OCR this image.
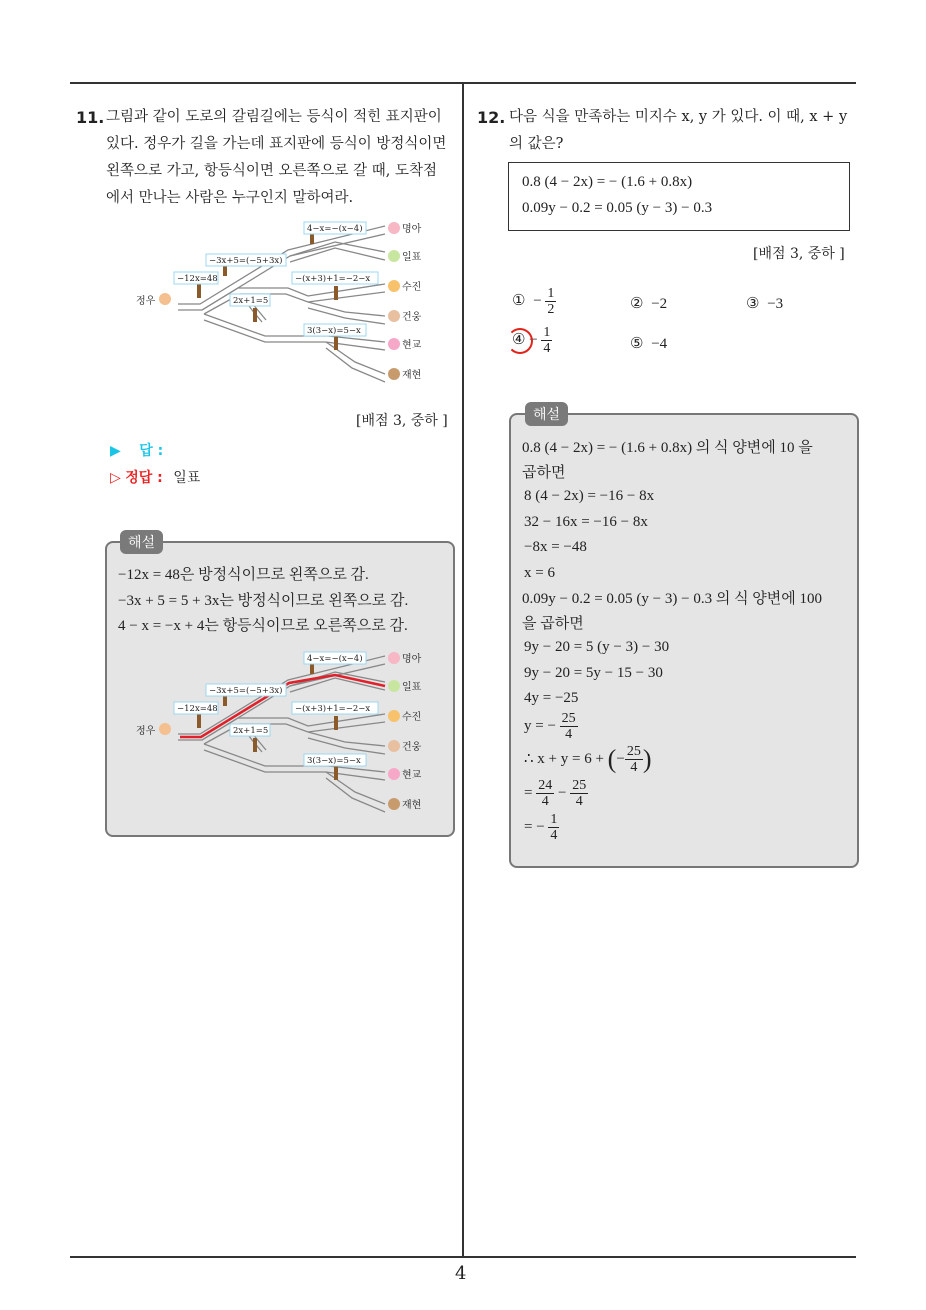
4
11. 그림과 같이 도로의 갈림길에는 등식이 적힌 표지판이
있다. 정우가 길을 가는데 표지판에 등식이 방정식이면
왼쪽으로 가고, 항등식이면 오른쪽으로 갈 때, 도착점
에서 만나는 사람은 누구인지 말하여라.
−12x=48
−3x+5=(−5+3x)
2x+1=5
4−x=−(x−4)
−(x+3)+1=−2−x
3(3−x)=5−x
정우
명아
일표
수진
건웅
현교
재현
[배점 3, 중하 ]
▶ 답 :
▷ 정답 : 일표
해설
−12x = 48은 방정식이므로 왼쪽으로 감.
−3x + 5 = 5 + 3x는 방정식이므로 왼쪽으로 감.
4 − x = −x + 4는 항등식이므로 오른쪽으로 감.
−12x=48
−3x+5=(−5+3x)
2x+1=5
4−x=−(x−4)
−(x+3)+1=−2−x
3(3−x)=5−x
정우
명아
일표
수진
건웅
현교
재현
12. 다음 식을 만족하는 미지수 x, y 가 있다. 이 때, x + y
의 값은?
0.8 (4 − 2x) = − (1.6 + 0.8x)
0.09y − 0.2 = 0.05 (y − 3) − 0.3
[배점 3, 중하 ]
① − $\frac{1}{2}$	② −2	③ −3
④ − $\frac{1}{4}$	⑤ −4
해설
0.8 (4 − 2x) = − (1.6 + 0.8x) 의 식 양변에 10 을
곱하면
8 (4 − 2x) = −16 − 8x
32 − 16x = −16 − 8x
−8x = −48
x = 6
0.09y − 0.2 = 0.05 (y − 3) − 0.3 의 식 양변에 100
을 곱하면
9y − 20 = 5 (y − 3) − 30
9y − 20 = 5y − 15 − 30
4y = −25
y = − $\frac{25}{4}$
∴ x + y = 6 + (− $\frac{25}{4}$ )
= $\frac{24}{4} - \frac{25}{4}$
= − $\frac{1}{4}$
